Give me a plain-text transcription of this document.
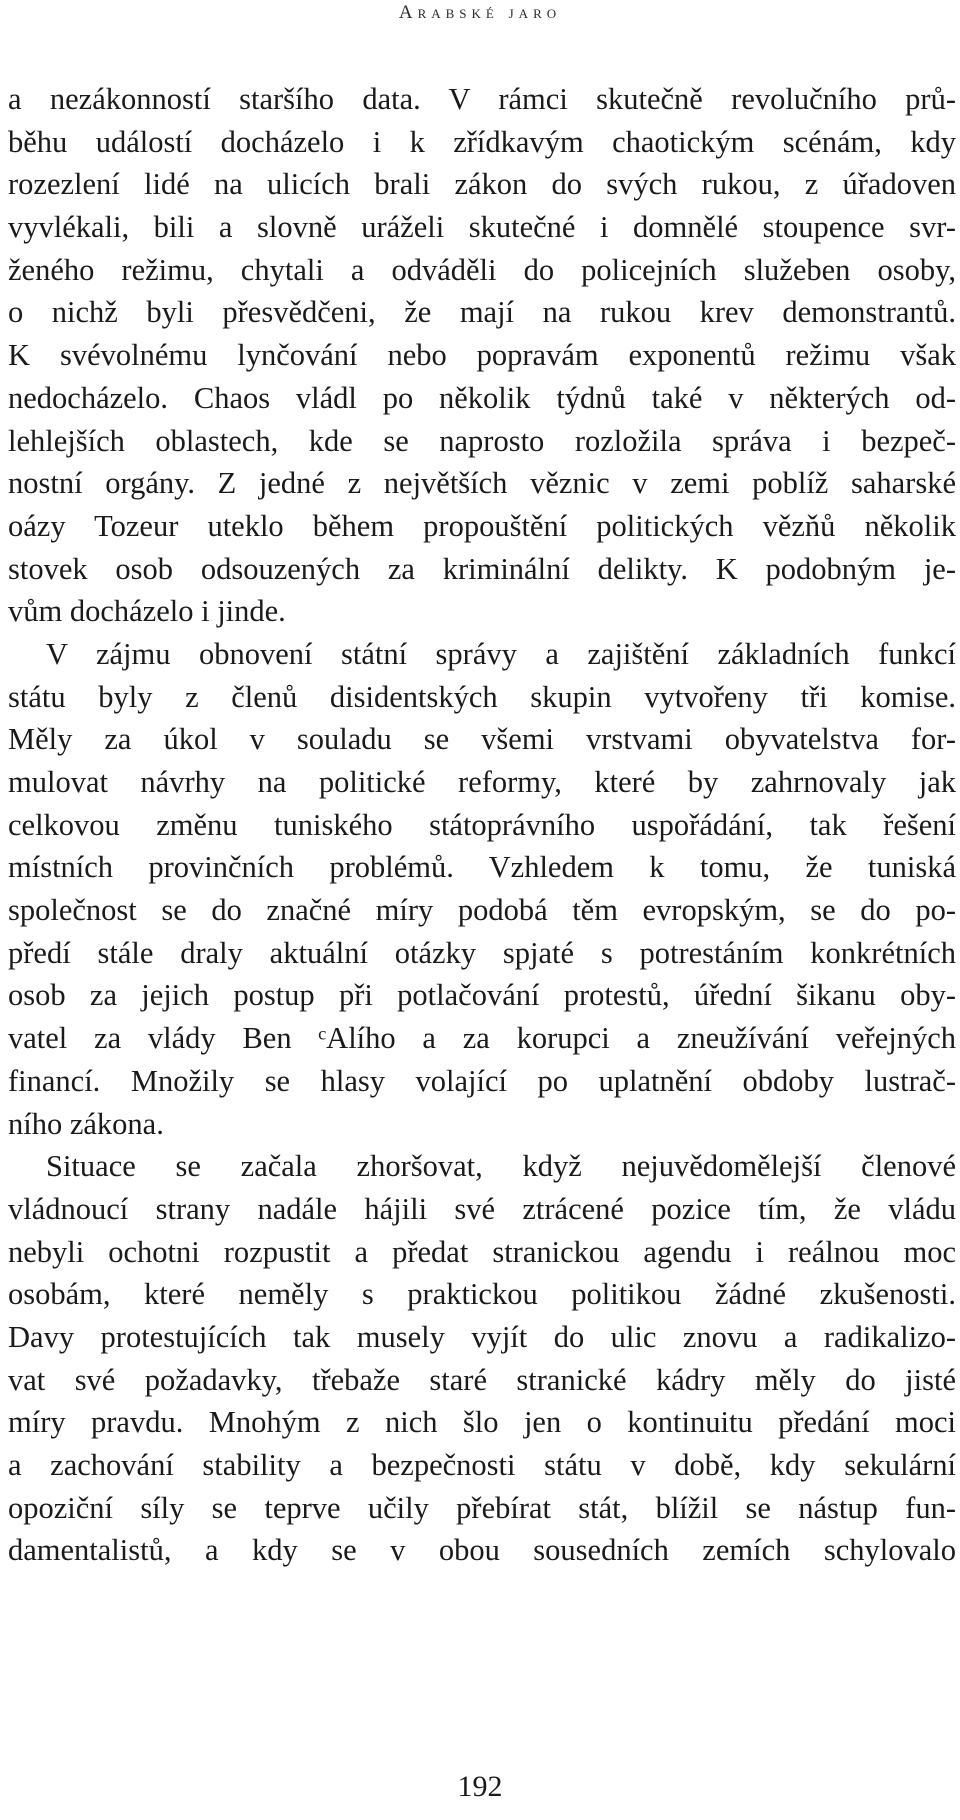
Arabské jaro
a nezákonností staršího data. V rámci skutečně revolučního prů-
běhu událostí docházelo i k zřídkavým chaotickým scénám, kdy
rozezlení lidé na ulicích brali zákon do svých rukou, z úřadoven
vyvlékali, bili a slovně uráželi skutečné i domnělé stoupence svr-
ženého režimu, chytali a odváděli do policejních služeben osoby,
o nichž byli přesvědčeni, že mají na rukou krev demonstrantů.
K svévolnému lynčování nebo popravám exponentů režimu však
nedocházelo. Chaos vládl po několik týdnů také v některých od-
lehlejších oblastech, kde se naprosto rozložila správa i bezpeč-
nostní orgány. Z jedné z největších věznic v zemi poblíž saharské
oázy Tozeur uteklo během propouštění politických vězňů několik
stovek osob odsouzených za kriminální delikty. K podobným je-
vům docházelo i jinde.
V zájmu obnovení státní správy a zajištění základních funkcí
státu byly z členů disidentských skupin vytvořeny tři komise.
Měly za úkol v souladu se všemi vrstvami obyvatelstva for-
mulovat návrhy na politické reformy, které by zahrnovaly jak
celkovou změnu tuniského státoprávního uspořádání, tak řešení
místních provinčních problémů. Vzhledem k tomu, že tuniská
společnost se do značné míry podobá těm evropským, se do po-
předí stále draly aktuální otázky spjaté s potrestáním konkrétních
osob za jejich postup při potlačování protestů, úřední šikanu oby-
vatel za vlády Ben ᶜAlího a za korupci a zneužívání veřejných
financí. Množily se hlasy volající po uplatnění obdoby lustrač-
ního zákona.
Situace se začala zhoršovat, když nejuvědomělejší členové
vládnoucí strany nadále hájili své ztrácené pozice tím, že vládu
nebyli ochotni rozpustit a předat stranickou agendu i reálnou moc
osobám, které neměly s praktickou politikou žádné zkušenosti.
Davy protestujících tak musely vyjít do ulic znovu a radikalizo-
vat své požadavky, třebaže staré stranické kádry měly do jisté
míry pravdu. Mnohým z nich šlo jen o kontinuitu předání moci
a zachování stability a bezpečnosti státu v době, kdy sekulární
opoziční síly se teprve učily přebírat stát, blížil se nástup fun-
damentalistů, a kdy se v obou sousedních zemích schylovalo
192
